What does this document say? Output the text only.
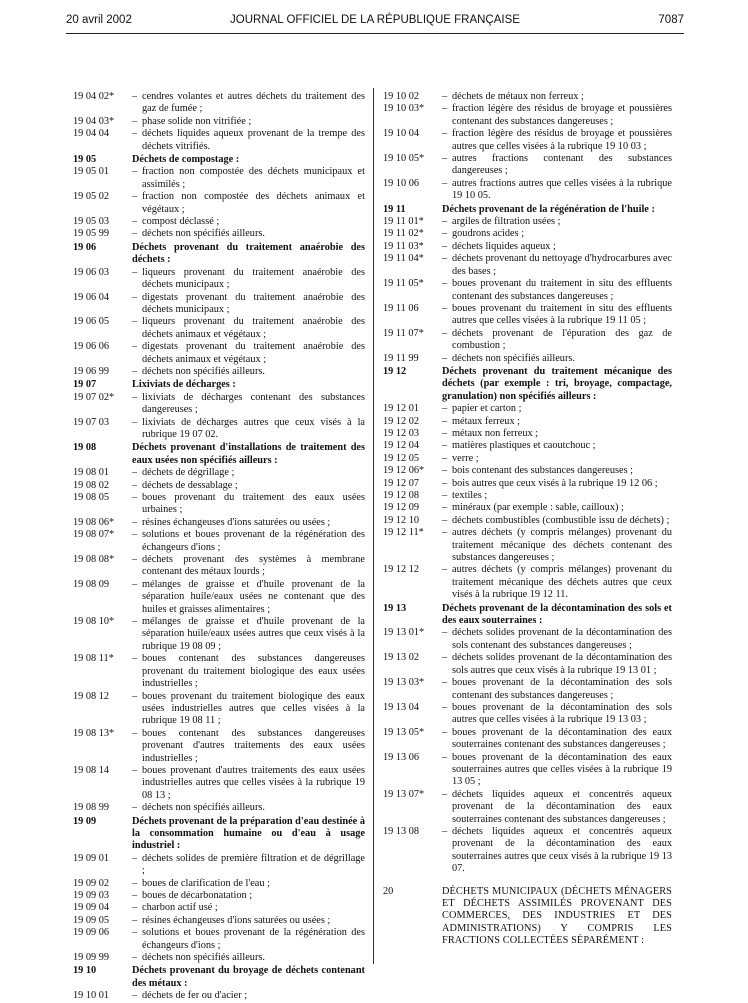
20 avril 2002	JOURNAL OFFICIEL DE LA RÉPUBLIQUE FRANÇAISE	7087
19 04 02*	– cendres volantes et autres déchets du traitement des gaz de fumée ;
19 04 03*	– phase solide non vitrifiée ;
19 04 04	– déchets liquides aqueux provenant de la trempe des déchets vitrifiés.
19 05	Déchets de compostage :
19 05 01	– fraction non compostée des déchets municipaux et assimilés ;
19 05 02	– fraction non compostée des déchets animaux et végétaux ;
19 05 03	– compost déclassé ;
19 05 99	– déchets non spécifiés ailleurs.
19 06	Déchets provenant du traitement anaérobie des déchets :
19 06 03	– liqueurs provenant du traitement anaérobie des déchets municipaux ;
19 06 04	– digestats provenant du traitement anaérobie des déchets municipaux ;
19 06 05	– liqueurs provenant du traitement anaérobie des déchets animaux et végétaux ;
19 06 06	– digestats provenant du traitement anaérobie des déchets animaux et végétaux ;
19 06 99	– déchets non spécifiés ailleurs.
19 07	Lixiviats de décharges :
19 07 02*	– lixiviats de décharges contenant des substances dangereuses ;
19 07 03	– lixiviats de décharges autres que ceux visés à la rubrique 19 07 02.
19 08	Déchets provenant d'installations de traitement des eaux usées non spécifiés ailleurs :
19 08 01	– déchets de dégrillage ;
19 08 02	– déchets de dessablage ;
19 08 05	– boues provenant du traitement des eaux usées urbaines ;
19 08 06*	– résines échangeuses d'ions saturées ou usées ;
19 08 07*	– solutions et boues provenant de la régénération des échangeurs d'ions ;
19 08 08*	– déchets provenant des systèmes à membrane contenant des métaux lourds ;
19 08 09	– mélanges de graisse et d'huile provenant de la séparation huile/eaux usées ne contenant que des huiles et graisses alimentaires ;
19 08 10*	– mélanges de graisse et d'huile provenant de la séparation huile/eaux usées autres que ceux visés à la rubrique 19 08 09 ;
19 08 11*	– boues contenant des substances dangereuses provenant du traitement biologique des eaux usées industrielles ;
19 08 12	– boues provenant du traitement biologique des eaux usées industrielles autres que celles visées à la rubrique 19 08 11 ;
19 08 13*	– boues contenant des substances dangereuses provenant d'autres traitements des eaux usées industrielles ;
19 08 14	– boues provenant d'autres traitements des eaux usées industrielles autres que celles visées à la rubrique 19 08 13 ;
19 08 99	– déchets non spécifiés ailleurs.
19 09	Déchets provenant de la préparation d'eau destinée à la consommation humaine ou d'eau à usage industriel :
19 09 01	– déchets solides de première filtration et de dégrillage ;
19 09 02	– boues de clarification de l'eau ;
19 09 03	– boues de décarbonatation ;
19 09 04	– charbon actif usé ;
19 09 05	– résines échangeuses d'ions saturées ou usées ;
19 09 06	– solutions et boues provenant de la régénération des échangeurs d'ions ;
19 09 99	– déchets non spécifiés ailleurs.
19 10	Déchets provenant du broyage de déchets contenant des métaux :
19 10 01	– déchets de fer ou d'acier ;
19 10 02	– déchets de métaux non ferreux ;
19 10 03*	– fraction légère des résidus de broyage et poussières contenant des substances dangereuses ;
19 10 04	– fraction légère des résidus de broyage et poussières autres que celles visées à la rubrique 19 10 03 ;
19 10 05*	– autres fractions contenant des substances dangereuses ;
19 10 06	– autres fractions autres que celles visées à la rubrique 19 10 05.
19 11	Déchets provenant de la régénération de l'huile :
19 11 01*	– argiles de filtration usées ;
19 11 02*	– goudrons acides ;
19 11 03*	– déchets liquides aqueux ;
19 11 04*	– déchets provenant du nettoyage d'hydrocarbures avec des bases ;
19 11 05*	– boues provenant du traitement in situ des effluents contenant des substances dangereuses ;
19 11 06	– boues provenant du traitement in situ des effluents autres que celles visées à la rubrique 19 11 05 ;
19 11 07*	– déchets provenant de l'épuration des gaz de combustion ;
19 11 99	– déchets non spécifiés ailleurs.
19 12	Déchets provenant du traitement mécanique des déchets (par exemple : tri, broyage, compactage, granulation) non spécifiés ailleurs :
19 12 01	– papier et carton ;
19 12 02	– métaux ferreux ;
19 12 03	– métaux non ferreux ;
19 12 04	– matières plastiques et caoutchouc ;
19 12 05	– verre ;
19 12 06*	– bois contenant des substances dangereuses ;
19 12 07	– bois autres que ceux visés à la rubrique 19 12 06 ;
19 12 08	– textiles ;
19 12 09	– minéraux (par exemple : sable, cailloux) ;
19 12 10	– déchets combustibles (combustible issu de déchets) ;
19 12 11*	– autres déchets (y compris mélanges) provenant du traitement mécanique des déchets contenant des substances dangereuses ;
19 12 12	– autres déchets (y compris mélanges) provenant du traitement mécanique des déchets autres que ceux visés à la rubrique 19 12 11.
19 13	Déchets provenant de la décontamination des sols et des eaux souterraines :
19 13 01*	– déchets solides provenant de la décontamination des sols contenant des substances dangereuses ;
19 13 02	– déchets solides provenant de la décontamination des sols autres que ceux visés à la rubrique 19 13 01 ;
19 13 03*	– boues provenant de la décontamination des sols contenant des substances dangereuses ;
19 13 04	– boues provenant de la décontamination des sols autres que celles visées à la rubrique 19 13 03 ;
19 13 05*	– boues provenant de la décontamination des eaux souterraines contenant des substances dangereuses ;
19 13 06	– boues provenant de la décontamination des eaux souterraines autres que celles visées à la rubrique 19 13 05 ;
19 13 07*	– déchets liquides aqueux et concentrés aqueux provenant de la décontamination des eaux souterraines contenant des substances dangereuses ;
19 13 08	– déchets liquides aqueux et concentrés aqueux provenant de la décontamination des eaux souterraines autres que ceux visés à la rubrique 19 13 07.
20	DÉCHETS MUNICIPAUX (DÉCHETS MÉNAGERS ET DÉCHETS ASSIMILÉS PROVENANT DES COMMERCES, DES INDUSTRIES ET DES ADMINISTRATIONS) Y COMPRIS LES FRACTIONS COLLECTÉES SÉPARÉMENT :
